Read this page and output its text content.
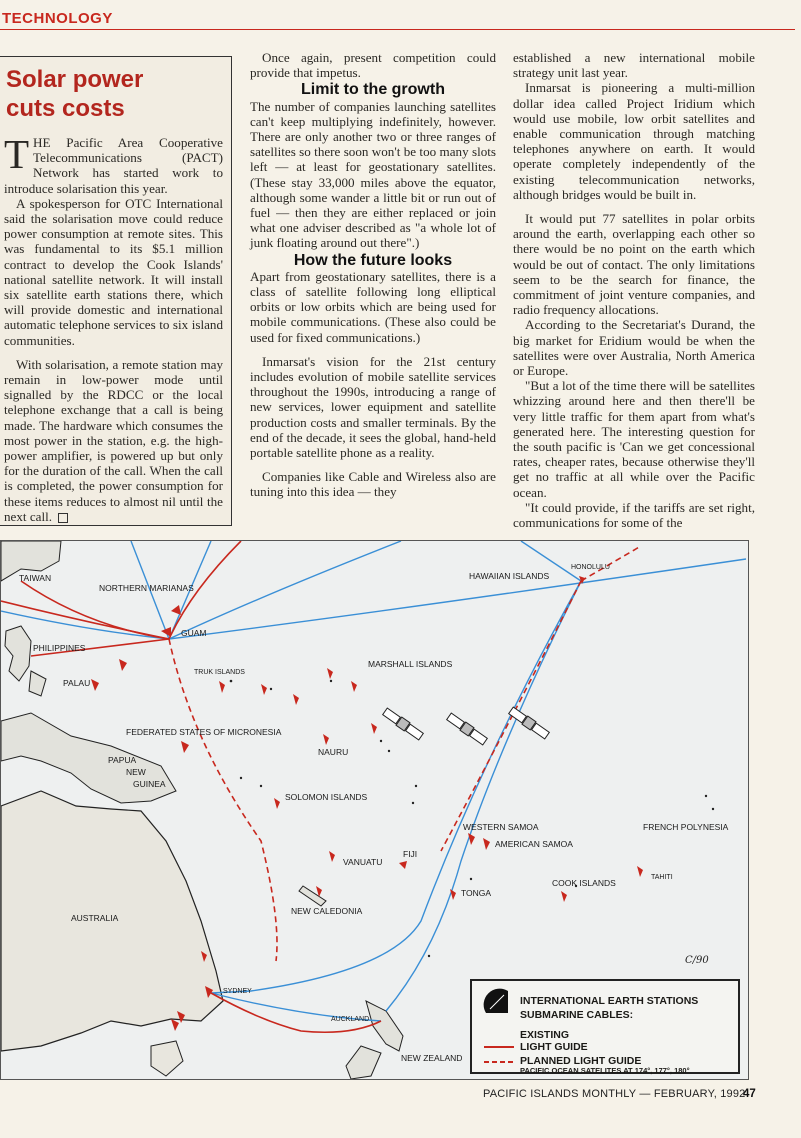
TECHNOLOGY
Solar power
cuts costs

THE Pacific Area Cooperative Telecommunications (PACT) Network has started work to introduce solarisation this year.

A spokesperson for OTC International said the solarisation move could reduce power consumption at remote sites. This was fundamental to its $5.1 million contract to develop the Cook Islands' national satellite network. It will install six satellite earth stations there, which will provide domestic and international automatic telephone services to six island communities.

With solarisation, a remote station may remain in low-power mode until signalled by the RDCC or the local telephone exchange that a call is being made. The hardware which consumes the most power in the station, e.g. the high-power amplifier, is powered up but only for the duration of the call. When the call is completed, the power consumption for these items reduces to almost nil until the next call.

Once again, present competition could provide that impetus.

Limit to the growth

The number of companies launching satellites can't keep multiplying indefinitely, however. There are only another two or three ranges of satellites so there soon won't be too many slots left — at least for geostationary satellites. (These stay 33,000 miles above the equator, although some wander a little bit or run out of fuel — then they are either replaced or join what one adviser described as "a whole lot of junk floating around out there".)

How the future looks

Apart from geostationary satellites, there is a class of satellite following long elliptical orbits or low orbits which are being used for mobile communications. (These also could be used for fixed communications.)

Inmarsat's vision for the 21st century includes evolution of mobile satellite services throughout the 1990s, introducing a range of new services, lower equipment and satellite production costs and smaller terminals. By the end of the decade, it sees the global, hand-held portable satellite phone as a reality.

Companies like Cable and Wireless also are tuning into this idea — they

established a new international mobile strategy unit last year.

Inmarsat is pioneering a multi-million dollar idea called Project Iridium which would use mobile, low orbit satellites and enable communication through matching telephones anywhere on earth. It would operate completely independently of the existing telecommunication networks, although bridges would be built in.

It would put 77 satellites in polar orbits around the earth, overlapping each other so there would be no point on the earth which would be out of contact. The only limitations seem to be the search for finance, the commitment of joint venture companies, and radio frequency allocations.

According to the Secretariat's Durand, the big market for Eridium would be when the satellites were over Australia, North America or Europe.

"But a lot of the time there will be satellites whizzing around here and then there'll be very little traffic for them apart from what's generated here. The interesting question for the south pacific is 'Can we get concessional rates, cheaper rates, because otherwise they'll get no traffic at all while over the Pacific ocean.

"It could provide, if the tariffs are set right, communications for some of the

TAIWAN
NORTHERN MARIANAS
HAWAIIAN ISLANDS
HONOLULU
GUAM
PHILIPPINES
PALAU
TRUK ISLANDS
MARSHALL ISLANDS
FEDERATED STATES OF MICRONESIA
NAURU
PAPUA
NEW
GUINEA
SOLOMON ISLANDS
WESTERN SAMOA
AMERICAN SAMOA
FRENCH POLYNESIA
TAHITI
FIJI
VANUATU
TONGA
COOK ISLANDS
NEW CALEDONIA
AUSTRALIA
SYDNEY
AUCKLAND
NEW ZEALAND
C/90
INTERNATIONAL EARTH STATIONS
SUBMARINE CABLES:
EXISTING
LIGHT GUIDE
PLANNED LIGHT GUIDE
PACIFIC OCEAN SATELITES AT 174°, 177°, 180°
PACIFIC ISLANDS MONTHLY — FEBRUARY, 1992
47
